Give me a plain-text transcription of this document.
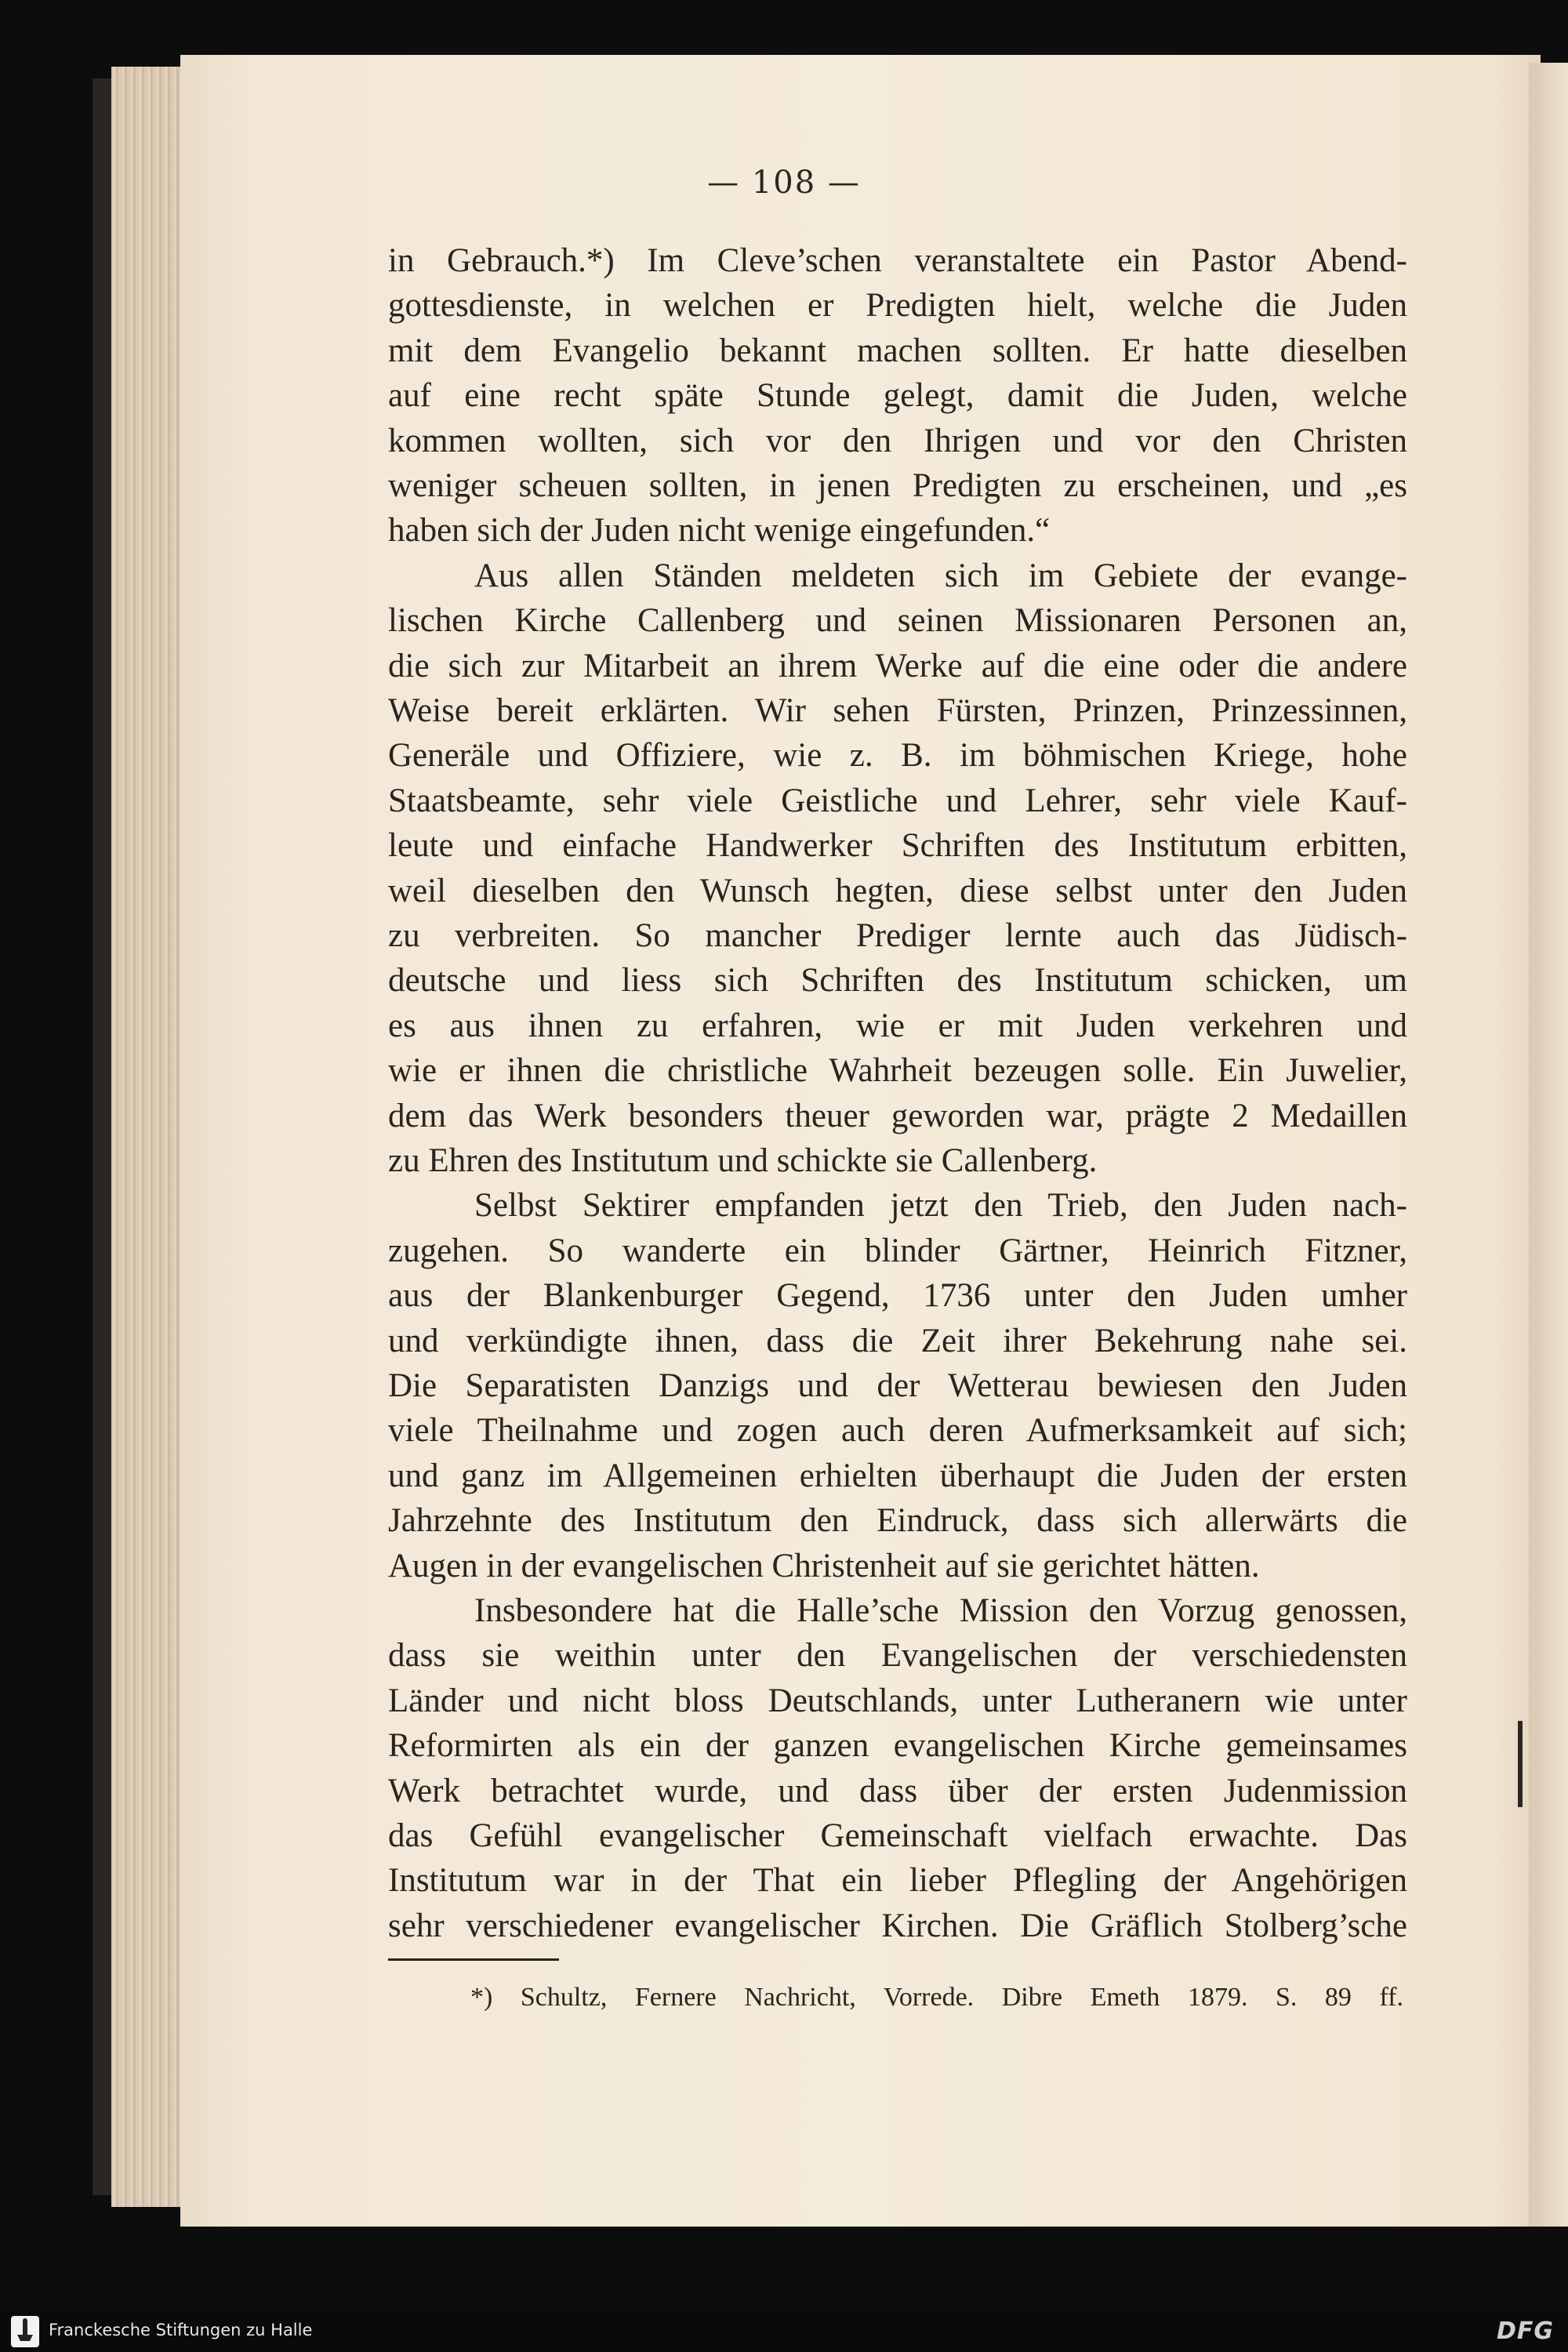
— 108 —
in Gebrauch.*) Im Cleve’schen veranstaltete ein Pastor Abend-
gottesdienste, in welchen er Predigten hielt, welche die Juden
mit dem Evangelio bekannt machen sollten. Er hatte dieselben
auf eine recht späte Stunde gelegt, damit die Juden, welche
kommen wollten, sich vor den Ihrigen und vor den Christen
weniger scheuen sollten, in jenen Predigten zu erscheinen, und „es
haben sich der Juden nicht wenige eingefunden.“
Aus allen Ständen meldeten sich im Gebiete der evange-
lischen Kirche Callenberg und seinen Missionaren Personen an,
die sich zur Mitarbeit an ihrem Werke auf die eine oder die andere
Weise bereit erklärten. Wir sehen Fürsten, Prinzen, Prinzessinnen,
Generäle und Offiziere, wie z. B. im böhmischen Kriege, hohe
Staatsbeamte, sehr viele Geistliche und Lehrer, sehr viele Kauf-
leute und einfache Handwerker Schriften des Institutum erbitten,
weil dieselben den Wunsch hegten, diese selbst unter den Juden
zu verbreiten. So mancher Prediger lernte auch das Jüdisch-
deutsche und liess sich Schriften des Institutum schicken, um
es aus ihnen zu erfahren, wie er mit Juden verkehren und
wie er ihnen die christliche Wahrheit bezeugen solle. Ein Juwelier,
dem das Werk besonders theuer geworden war, prägte 2 Medaillen
zu Ehren des Institutum und schickte sie Callenberg.
Selbst Sektirer empfanden jetzt den Trieb, den Juden nach-
zugehen. So wanderte ein blinder Gärtner, Heinrich Fitzner,
aus der Blankenburger Gegend, 1736 unter den Juden umher
und verkündigte ihnen, dass die Zeit ihrer Bekehrung nahe sei.
Die Separatisten Danzigs und der Wetterau bewiesen den Juden
viele Theilnahme und zogen auch deren Aufmerksamkeit auf sich;
und ganz im Allgemeinen erhielten überhaupt die Juden der ersten
Jahrzehnte des Institutum den Eindruck, dass sich allerwärts die
Augen in der evangelischen Christenheit auf sie gerichtet hätten.
Insbesondere hat die Halle’sche Mission den Vorzug genossen,
dass sie weithin unter den Evangelischen der verschiedensten
Länder und nicht bloss Deutschlands, unter Lutheranern wie unter
Reformirten als ein der ganzen evangelischen Kirche gemeinsames
Werk betrachtet wurde, und dass über der ersten Judenmission
das Gefühl evangelischer Gemeinschaft vielfach erwachte. Das
Institutum war in der That ein lieber Pflegling der Angehörigen
sehr verschiedener evangelischer Kirchen. Die Gräflich Stolberg’sche
*) Schultz, Fernere Nachricht, Vorrede. Dibre Emeth 1879. S. 89 ff.
Franckesche Stiftungen zu Halle	DFG
